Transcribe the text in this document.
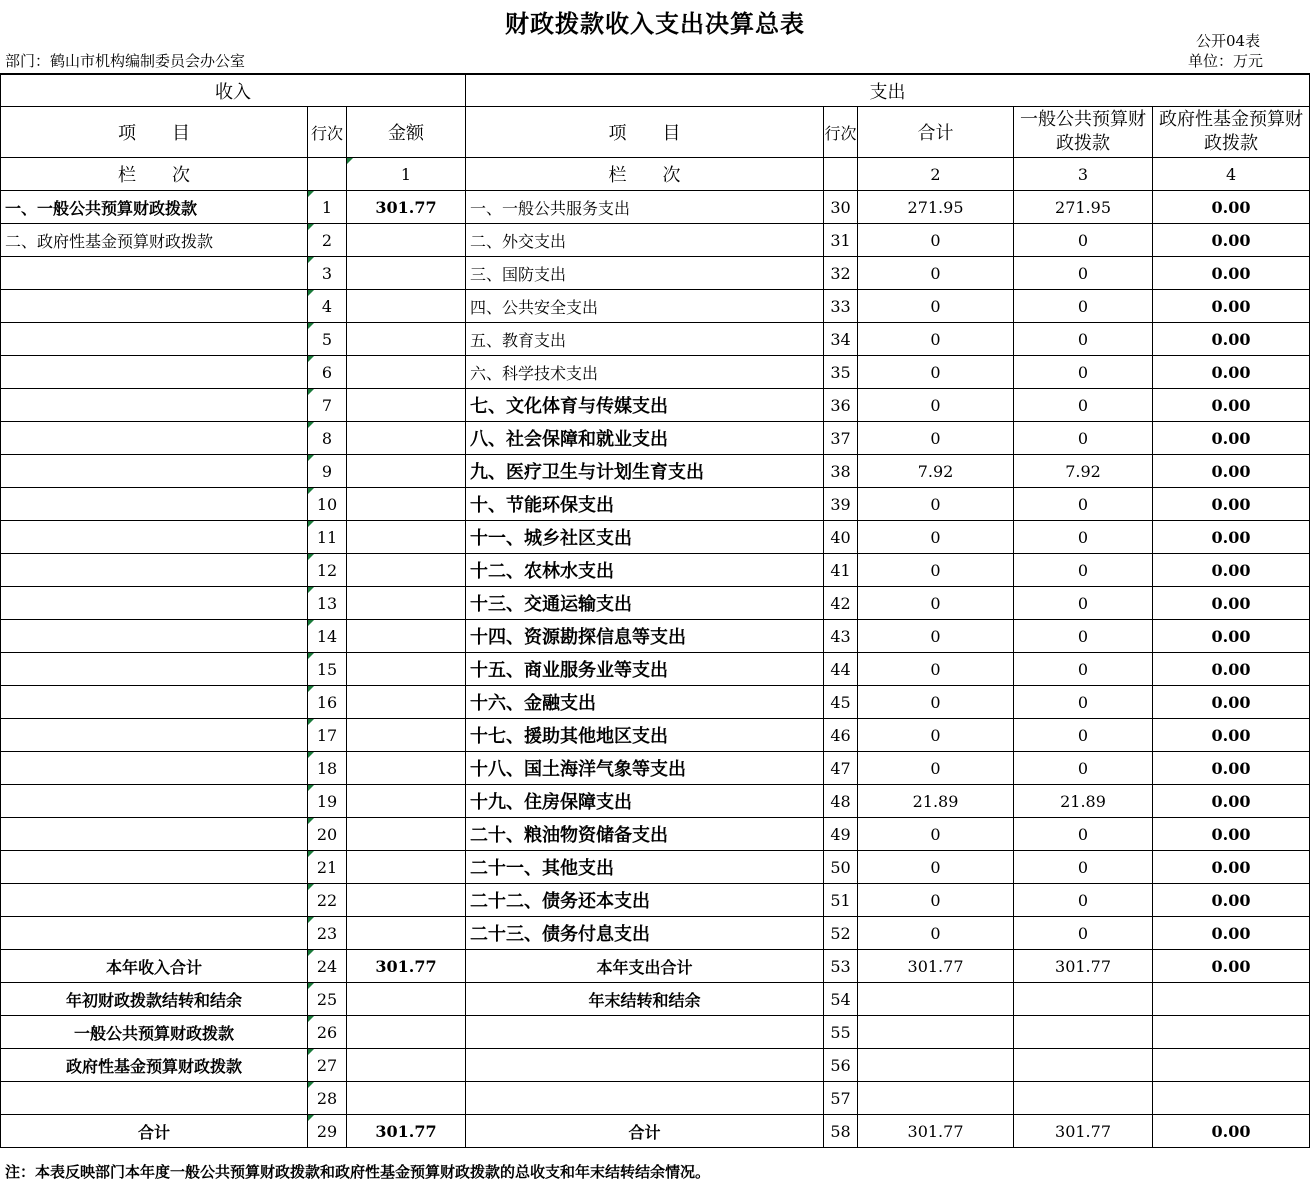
财政拨款收入支出决算总表
公开04表
部门：鹤山市机构编制委员会办公室	单位：万元
收入			支出				
项　　目	行次	金额	项　　目	行次	合计	一般公共预算财政拨款	政府性基金预算财政拨款
栏　　次		1	栏　　次		2	3	4
一、一般公共预算财政拨款	1	301.77	一、一般公共服务支出	30	271.95	271.95	0.00
二、政府性基金预算财政拨款	2		二、外交支出	31	0	0	0.00
	3		三、国防支出	32	0	0	0.00
	4		四、公共安全支出	33	0	0	0.00
	5		五、教育支出	34	0	0	0.00
	6		六、科学技术支出	35	0	0	0.00
	7		七、文化体育与传媒支出	36	0	0	0.00
	8		八、社会保障和就业支出	37	0	0	0.00
	9		九、医疗卫生与计划生育支出	38	7.92	7.92	0.00
	10		十、节能环保支出	39	0	0	0.00
	11		十一、城乡社区支出	40	0	0	0.00
	12		十二、农林水支出	41	0	0	0.00
	13		十三、交通运输支出	42	0	0	0.00
	14		十四、资源勘探信息等支出	43	0	0	0.00
	15		十五、商业服务业等支出	44	0	0	0.00
	16		十六、金融支出	45	0	0	0.00
	17		十七、援助其他地区支出	46	0	0	0.00
	18		十八、国土海洋气象等支出	47	0	0	0.00
	19		十九、住房保障支出	48	21.89	21.89	0.00
	20		二十、粮油物资储备支出	49	0	0	0.00
	21		二十一、其他支出	50	0	0	0.00
	22		二十二、债务还本支出	51	0	0	0.00
	23		二十三、债务付息支出	52	0	0	0.00
本年收入合计	24	301.77	本年支出合计	53	301.77	301.77	0.00
年初财政拨款结转和结余	25		年末结转和结余	54			
一般公共预算财政拨款	26			55			
政府性基金预算财政拨款	27			56			
	28			57			
合计	29	301.77	合计	58	301.77	301.77	0.00
注：本表反映部门本年度一般公共预算财政拨款和政府性基金预算财政拨款的总收支和年末结转结余情况。
